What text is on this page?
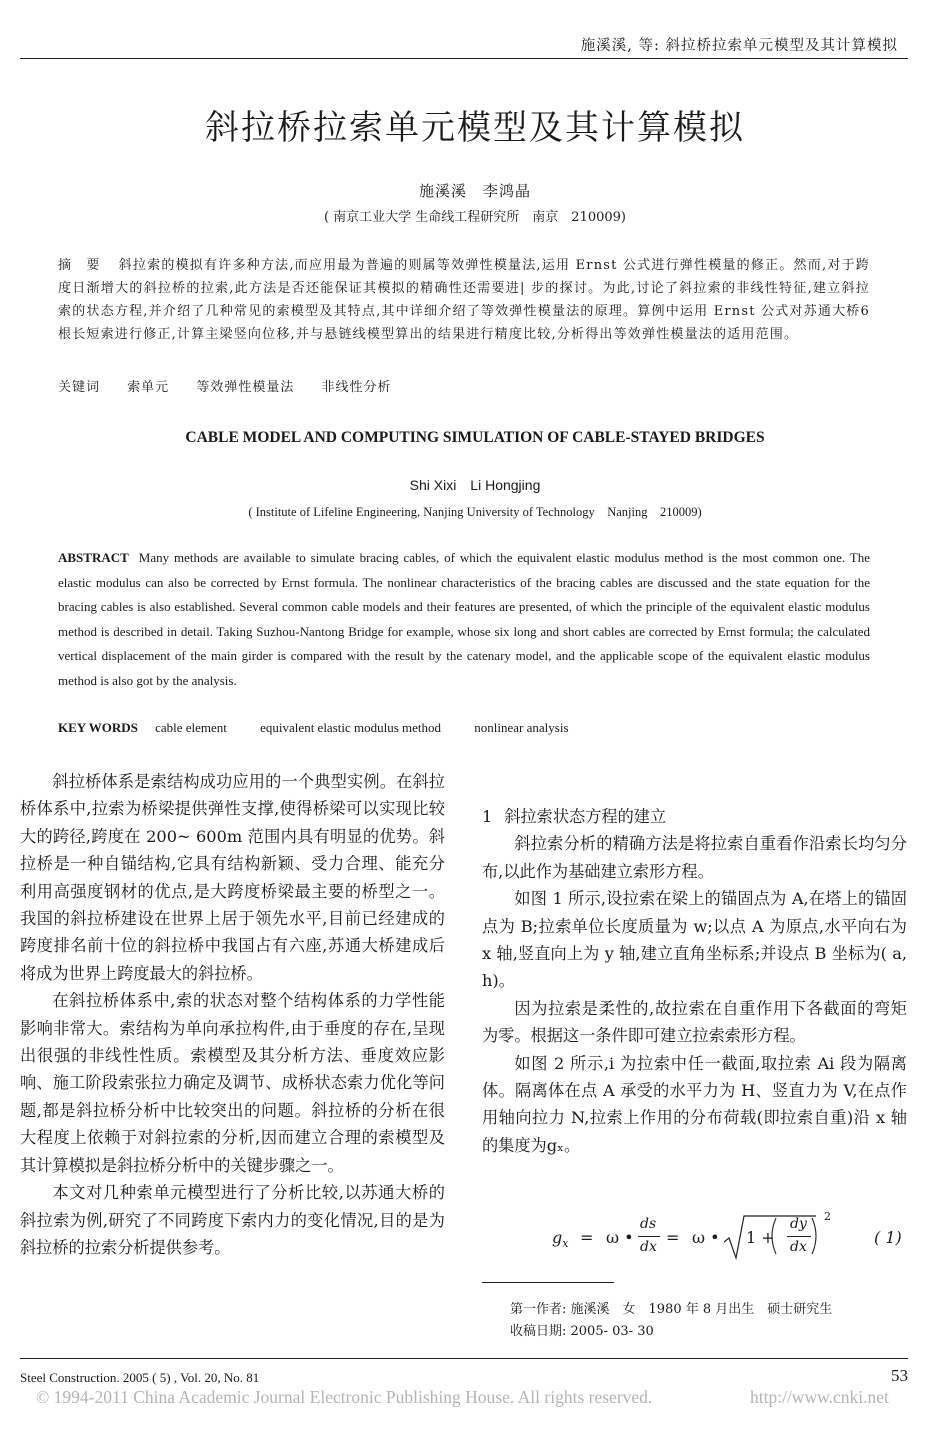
施溪溪, 等: 斜拉桥拉索单元模型及其计算模拟
斜拉桥拉索单元模型及其计算模拟
施溪溪　李鸿晶
( 南京工业大学 生命线工程研究所　南京　210009)
摘　要 斜拉索的模拟有许多种方法,而应用最为普遍的则属等效弹性模量法,运用 Ernst 公式进行弹性模量的修正。然而,对于跨度日渐增大的斜拉桥的拉索,此方法是否还能保证其模拟的精确性还需要进| 步的探讨。为此,讨论了斜拉索的非线性特征,建立斜拉索的状态方程,并介绍了几种常见的索模型及其特点,其中详细介绍了等效弹性模量法的原理。算例中运用 Ernst 公式对苏通大桥6根长短索进行修正,计算主梁竖向位移,并与悬链线模型算出的结果进行精度比较,分析得出等效弹性模量法的适用范围。
关键词 索单元 等效弹性模量法 非线性分析
CABLE MODEL AND COMPUTING SIMULATION OF CABLE-STAYED BRIDGES
Shi Xixi　Li Hongjing
( Institute of Lifeline Engineering, Nanjing University of Technology　Nanjing　210009)
ABSTRACT Many methods are available to simulate bracing cables, of which the equivalent elastic modulus method is the most common one. The elastic modulus can also be corrected by Ernst formula. The nonlinear characteristics of the bracing cables are discussed and the state equation for the bracing cables is also established. Several common cable models and their features are presented, of which the principle of the equivalent elastic modulus method is described in detail. Taking Suzhou-Nantong Bridge for example, whose six long and short cables are corrected by Ernst formula; the calculated vertical displacement of the main girder is compared with the result by the catenary model, and the applicable scope of the equivalent elastic modulus method is also got by the analysis.
KEY WORDS cable element	equivalent elastic modulus method	nonlinear analysis

斜拉桥体系是索结构成功应用的一个典型实例。在斜拉桥体系中,拉索为桥梁提供弹性支撑,使得桥梁可以实现比较大的跨径,跨度在 200~ 600m 范围内具有明显的优势。斜拉桥是一种自锚结构,它具有结构新颖、受力合理、能充分利用高强度钢材的优点,是大跨度桥梁最主要的桥型之一。我国的斜拉桥建设在世界上居于领先水平,目前已经建成的跨度排名前十位的斜拉桥中我国占有六座,苏通大桥建成后将成为世界上跨度最大的斜拉桥。

在斜拉桥体系中,索的状态对整个结构体系的力学性能影响非常大。索结构为单向承拉构件,由于垂度的存在,呈现出很强的非线性性质。索模型及其分析方法、垂度效应影响、施工阶段索张拉力确定及调节、成桥状态索力优化等问题,都是斜拉桥分析中比较突出的问题。斜拉桥的分析在很大程度上依赖于对斜拉索的分析,因而建立合理的索模型及其计算模拟是斜拉桥分析中的关键步骤之一。

本文对几种索单元模型进行了分析比较,以苏通大桥的斜拉索为例,研究了不同跨度下索内力的变化情况,目的是为斜拉桥的拉索分析提供参考。

1 斜拉索状态方程的建立

斜拉索分析的精确方法是将拉索自重看作沿索长均匀分布,以此作为基础建立索形方程。

如图 1 所示,设拉索在梁上的锚固点为 A,在塔上的锚固点为 B;拉索单位长度质量为 w;以点 A 为原点,水平向右为 x 轴,竖直向上为 y 轴,建立直角坐标系;并设点 B 坐标为( a, h)。

因为拉索是柔性的,故拉索在自重作用下各截面的弯矩为零。根据这一条件即可建立拉索索形方程。

如图 2 所示,i 为拉索中任一截面,取拉索 Ai 段为隔离体。隔离体在点 A 承受的水平力为 H、竖直力为 V,在点作用轴向拉力 N,拉索上作用的分布荷载(即拉索自重)沿 x 轴的集度为gₓ。

$g_x = \omega$ •
ds
dx = ω • 1 +
dy
dx
2
( 1)
第一作者: 施溪溪　女　1980 年 8 月出生　硕士研究生
收稿日期: 2005- 03- 30
Steel Construction. 2005 ( 5) , Vol. 20, No. 81	53
© 1994-2011 China Academic Journal Electronic Publishing House. All rights reserved.	http://www.cnki.net
